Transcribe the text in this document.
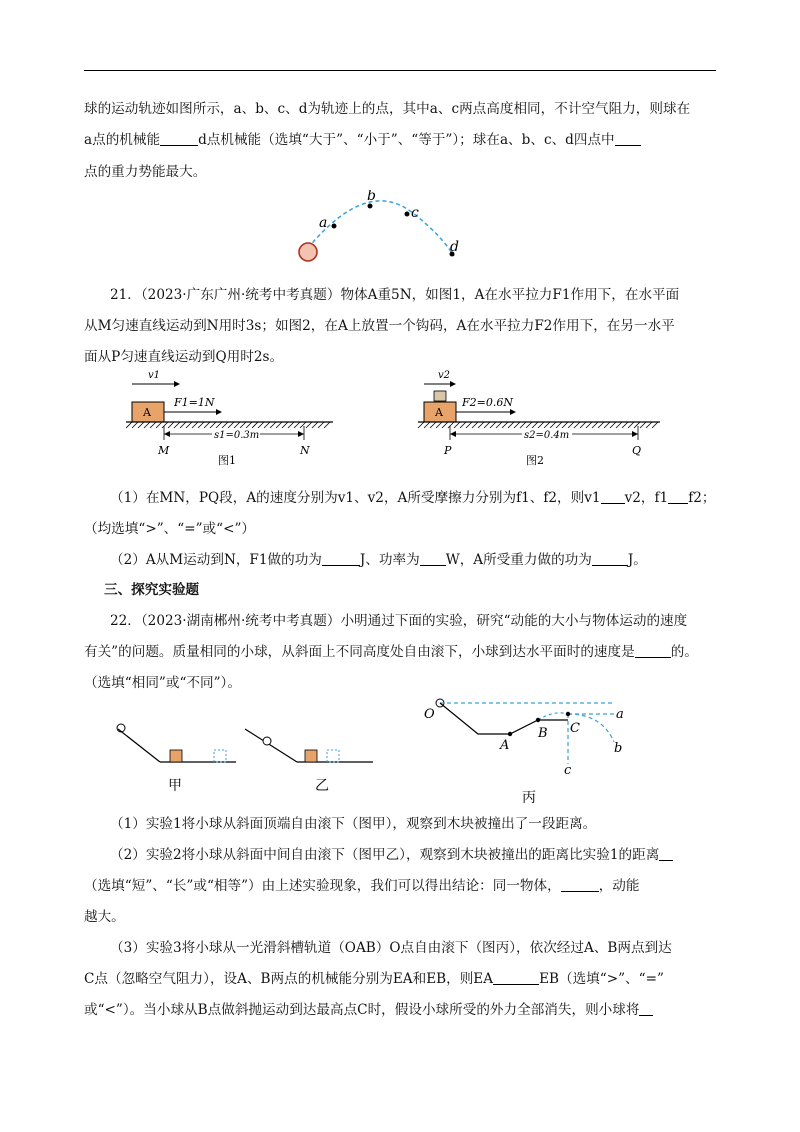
球的运动轨迹如图所示，a、b、c、d为轨迹上的点，其中a、c两点高度相同，不计空气阻力，则球在
a点的机械能	d点机械能（选填“大于”、“小于”、“等于”）；球在a、b、c、d四点中
点的重力势能最大。
a
b
c
d
21．（2023·广东广州·统考中考真题）物体A重5N，如图1，A在水平拉力F1作用下，在水平面
从M匀速直线运动到N用时3s；如图2，在A上放置一个钩码，A在水平拉力F2作用下，在另一水平
面从P匀速直线运动到Q用时2s。
v1
A
F1=1N
s1=0.3m
M	N
图1
v2
A
F2=0.6N
s2=0.4m
P	Q
图2
（1）在MN，PQ段，A的速度分别为v1、v2，A所受摩擦力分别为f1、f2，则v1 v2，f1 f2；
（均选填“>”、“=”或“<”）
（2）A从M运动到N，F1做的功为	J、功率为 W，A所受重力做的功为	J。
三、探究实验题
22．（2023·湖南郴州·统考中考真题）小明通过下面的实验，研究“动能的大小与物体运动的速度
有关”的问题。质量相同的小球，从斜面上不同高度处自由滚下，小球到达水平面时的速度是	的。
（选填“相同”或“不同”）。
甲	乙
O
A
B C
a
b
c
丙
（1）实验1将小球从斜面顶端自由滚下（图甲），观察到木块被撞出了一段距离。
（2）实验2将小球从斜面中间自由滚下（图甲乙），观察到木块被撞出的距离比实验1的距离
（选填“短”、“长”或“相等”）由上述实验现象，我们可以得出结论：同一物体，	，动能
越大。
（3）实验3将小球从一光滑斜槽轨道（OAB）O点自由滚下（图丙），依次经过A、B两点到达
C点（忽略空气阻力），设A、B两点的机械能分别为EA和EB，则EA	EB（选填“>”、“=”
或“<”）。当小球从B点做斜抛运动到达最高点C时，假设小球所受的外力全部消失，则小球将
